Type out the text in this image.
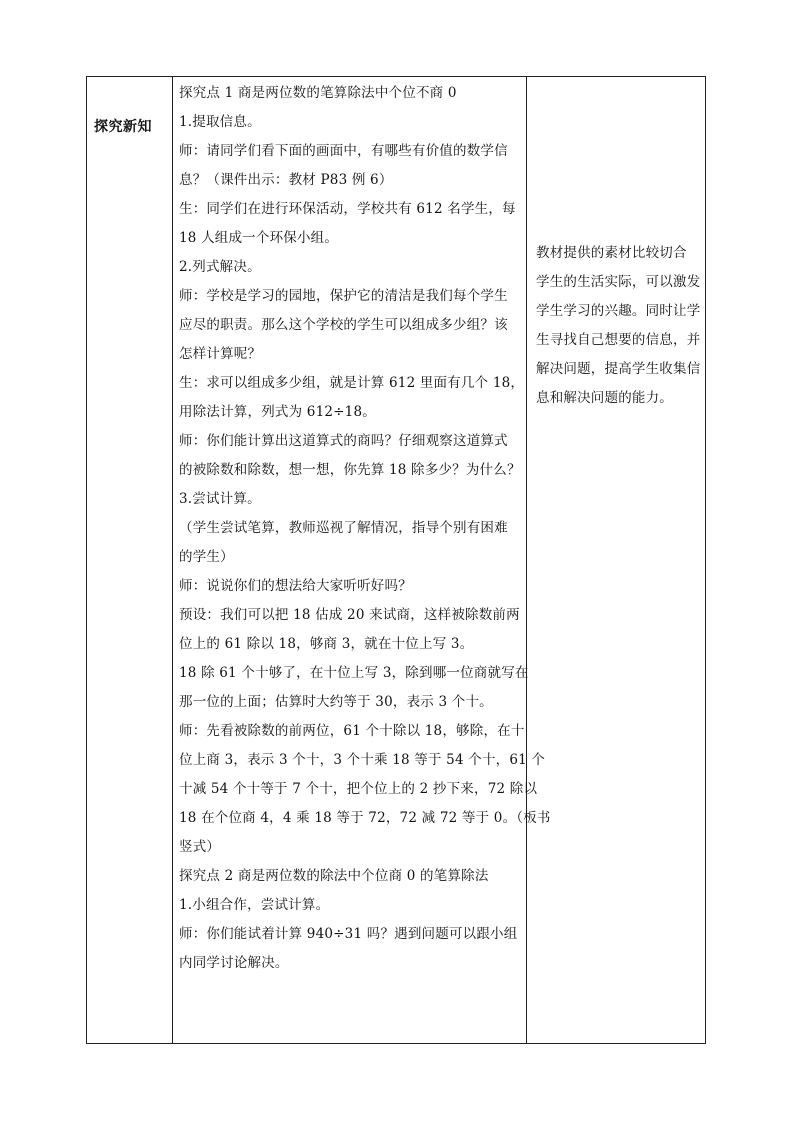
探究新知
探究点 1 商是两位数的笔算除法中个位不商 0
1.提取信息。
师：请同学们看下面的画面中，有哪些有价值的数学信
息？（课件出示：教材 P83 例 6）
生：同学们在进行环保活动，学校共有 612 名学生，每
18 人组成一个环保小组。
2.列式解决。
师：学校是学习的园地，保护它的清洁是我们每个学生
应尽的职责。那么这个学校的学生可以组成多少组？该
怎样计算呢？
生：求可以组成多少组，就是计算 612 里面有几个 18，
用除法计算，列式为 612÷18。
师：你们能计算出这道算式的商吗？仔细观察这道算式
的被除数和除数，想一想，你先算 18 除多少？为什么？
3.尝试计算。
（学生尝试笔算，教师巡视了解情况，指导个别有困难
的学生）
师：说说你们的想法给大家听听好吗？
预设：我们可以把 18 估成 20 来试商，这样被除数前两
位上的 61 除以 18，够商 3，就在十位上写 3。
18 除 61 个十够了，在十位上写 3，除到哪一位商就写在
那一位的上面；估算时大约等于 30，表示 3 个十。
师：先看被除数的前两位，61 个十除以 18，够除，在十
位上商 3，表示 3 个十，3 个十乘 18 等于 54 个十，61 个
十减 54 个十等于 7 个十，把个位上的 2 抄下来，72 除以
18 在个位商 4，4 乘 18 等于 72，72 减 72 等于 0。（板书
竖式）
探究点 2 商是两位数的除法中个位商 0 的笔算除法
1.小组合作，尝试计算。
师：你们能试着计算 940÷31 吗？遇到问题可以跟小组
内同学讨论解决。
教材提供的素材比较切合
学生的生活实际，可以激发
学生学习的兴趣。同时让学
生寻找自己想要的信息，并
解决问题，提高学生收集信
息和解决问题的能力。
